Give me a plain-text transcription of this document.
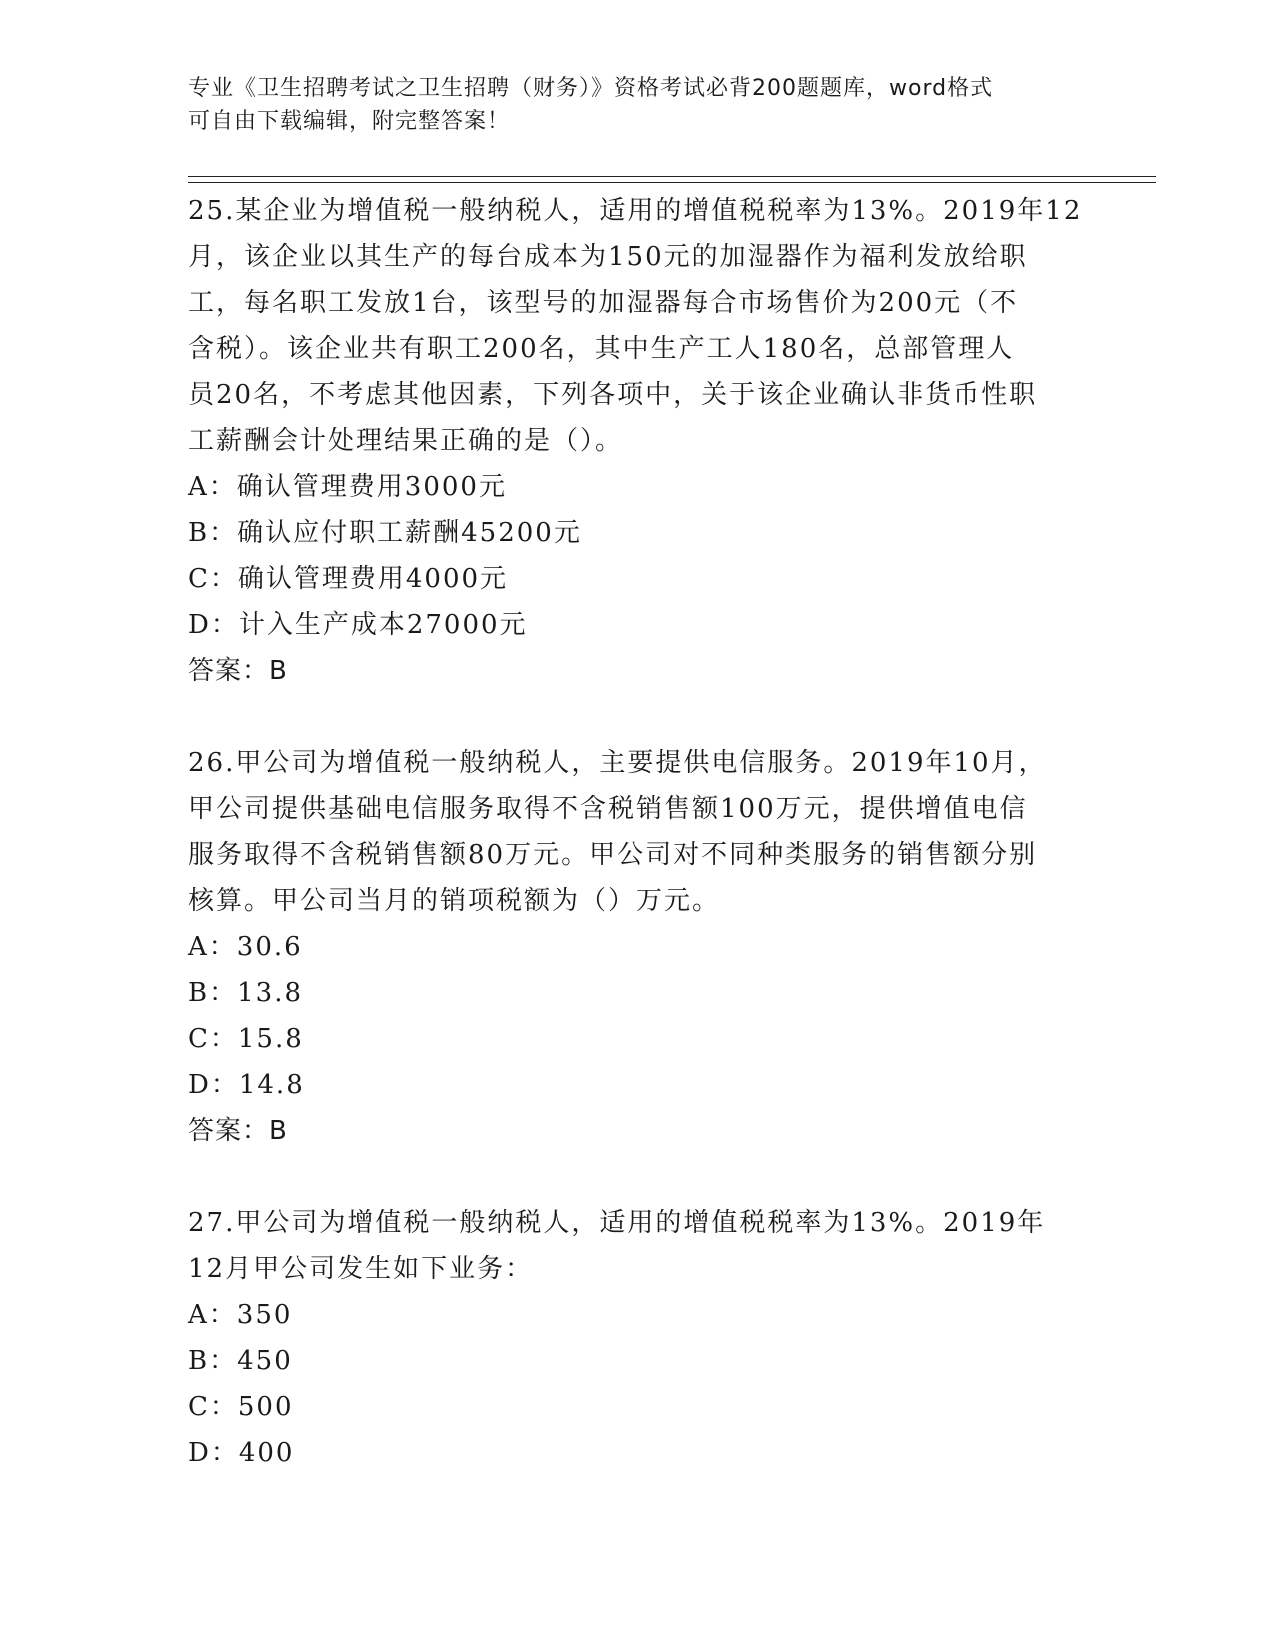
专业《卫生招聘考试之卫生招聘（财务）》资格考试必背200题题库，word格式
可自由下载编辑，附完整答案！
25.某企业为增值税一般纳税人，适用的增值税税率为13%。2019年12
月，该企业以其生产的每台成本为150元的加湿器作为福利发放给职
工，每名职工发放1台，该型号的加湿器每合市场售价为200元（不
含税）。该企业共有职工200名，其中生产工人180名，总部管理人
员20名，不考虑其他因素，下列各项中，关于该企业确认非货币性职
工薪酬会计处理结果正确的是（）。
A：确认管理费用3000元
B：确认应付职工薪酬45200元
C：确认管理费用4000元
D：计入生产成本27000元
答案：B
26.甲公司为增值税一般纳税人，主要提供电信服务。2019年10月，
甲公司提供基础电信服务取得不含税销售额100万元，提供增值电信
服务取得不含税销售额80万元。甲公司对不同种类服务的销售额分别
核算。甲公司当月的销项税额为（）万元。
A：30.6
B：13.8
C：15.8
D：14.8
答案：B
27.甲公司为增值税一般纳税人，适用的增值税税率为13%。2019年
12月甲公司发生如下业务：
A：350
B：450
C：500
D：400
